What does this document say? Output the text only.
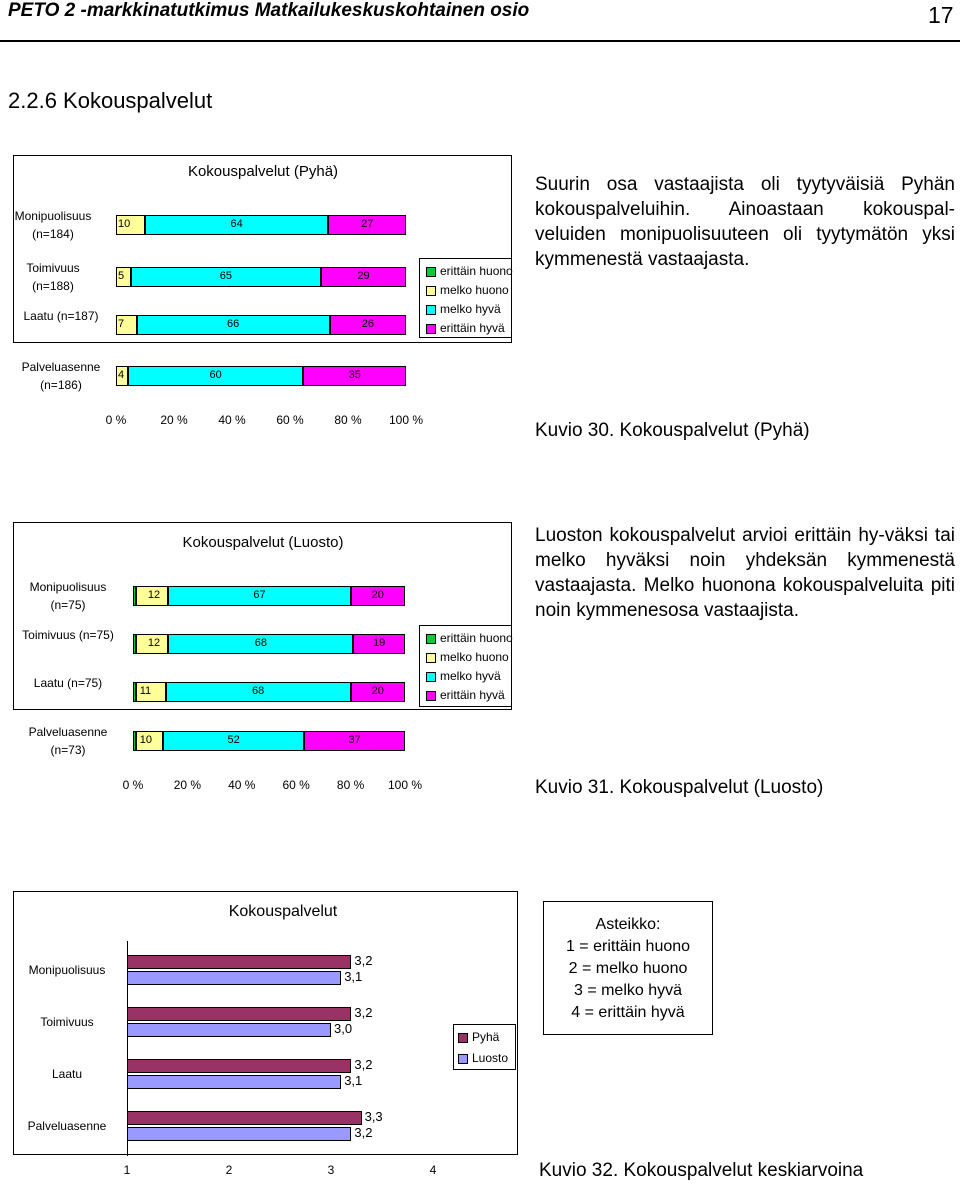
PETO 2 -markkinatutkimus Matkailukeskuskohtainen osio	17
2.2.6 Kokouspalvelut
Kokouspalvelut (Pyhä)
erittäin huono
melko huono
melko hyvä
erittäin hyvä
Monipuolisuus
(n=184)
10	64	27
Toimivuus
(n=188)
5	65	29
Laatu (n=187)
7	66	26
Palveluasenne
(n=186)
4	60	35
0 %	20 %	40 %	60 %	80 %	100 %
Suurin osa vastaajista oli tyytyväisiä Pyhän kokouspalveluihin. Ainoastaan kokouspal-veluiden monipuolisuuteen oli tyytymätön yksi kymmenestä vastaajasta.
Kuvio 30. Kokouspalvelut (Pyhä)
Kokouspalvelut (Luosto)
erittäin huono
melko huono
melko hyvä
erittäin hyvä
Monipuolisuus
(n=75)
12	67	20
Toimivuus (n=75)
12	68	19
Laatu (n=75)
11	68	20
Palveluasenne
(n=73)
10	52	37
0 %	20 %	40 %	60 %	80 %	100 %
Luoston kokouspalvelut arvioi erittäin hy-väksi tai melko hyväksi noin yhdeksän kymmenestä vastaajasta. Melko huonona kokouspalveluita piti noin kymmenesosa vastaajista.
Kuvio 31. Kokouspalvelut (Luosto)
Kokouspalvelut
Pyhä
Luosto
Monipuolisuus
3,2
3,1
Toimivuus
3,2
3,0
Laatu
3,2
3,1
Palveluasenne
3,3
3,2
1	2	3	4
Asteikko:
1 = erittäin huono
2 = melko huono
3 = melko hyvä
4 = erittäin hyvä
Kuvio 32. Kokouspalvelut keskiarvoina
